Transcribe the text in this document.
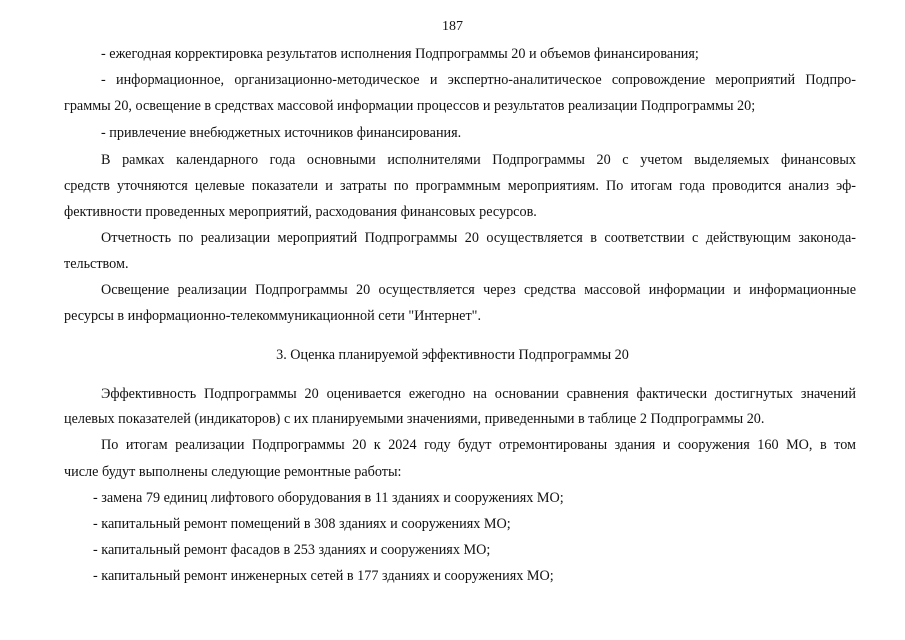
187
- ежегодная корректировка результатов исполнения Подпрограммы 20 и объемов финансирования;
- информационное, организационно-методическое и экспертно-аналитическое сопровождение мероприятий Подпро-
граммы 20, освещение в средствах массовой информации процессов и результатов реализации Подпрограммы 20;
- привлечение внебюджетных источников финансирования.
В рамках календарного года основными исполнителями Подпрограммы 20 с учетом выделяемых финансовых
средств уточняются целевые показатели и затраты по программным мероприятиям. По итогам года проводится анализ эф-
фективности проведенных мероприятий, расходования финансовых ресурсов.
Отчетность по реализации мероприятий Подпрограммы 20 осуществляется в соответствии с действующим законода-
тельством.
Освещение реализации Подпрограммы 20 осуществляется через средства массовой информации и информационные
ресурсы в информационно-телекоммуникационной сети "Интернет".
3. Оценка планируемой эффективности Подпрограммы 20
Эффективность Подпрограммы 20 оценивается ежегодно на основании сравнения фактически достигнутых значений
целевых показателей (индикаторов) с их планируемыми значениями, приведенными в таблице 2 Подпрограммы 20.
По итогам реализации Подпрограммы 20 к 2024 году будут отремонтированы здания и сооружения 160 МО, в том
числе будут выполнены следующие ремонтные работы:
- замена 79 единиц лифтового оборудования в 11 зданиях и сооружениях МО;
- капитальный ремонт помещений в 308 зданиях и сооружениях МО;
- капитальный ремонт фасадов в 253 зданиях и сооружениях МО;
- капитальный ремонт инженерных сетей в 177 зданиях и сооружениях МО;
